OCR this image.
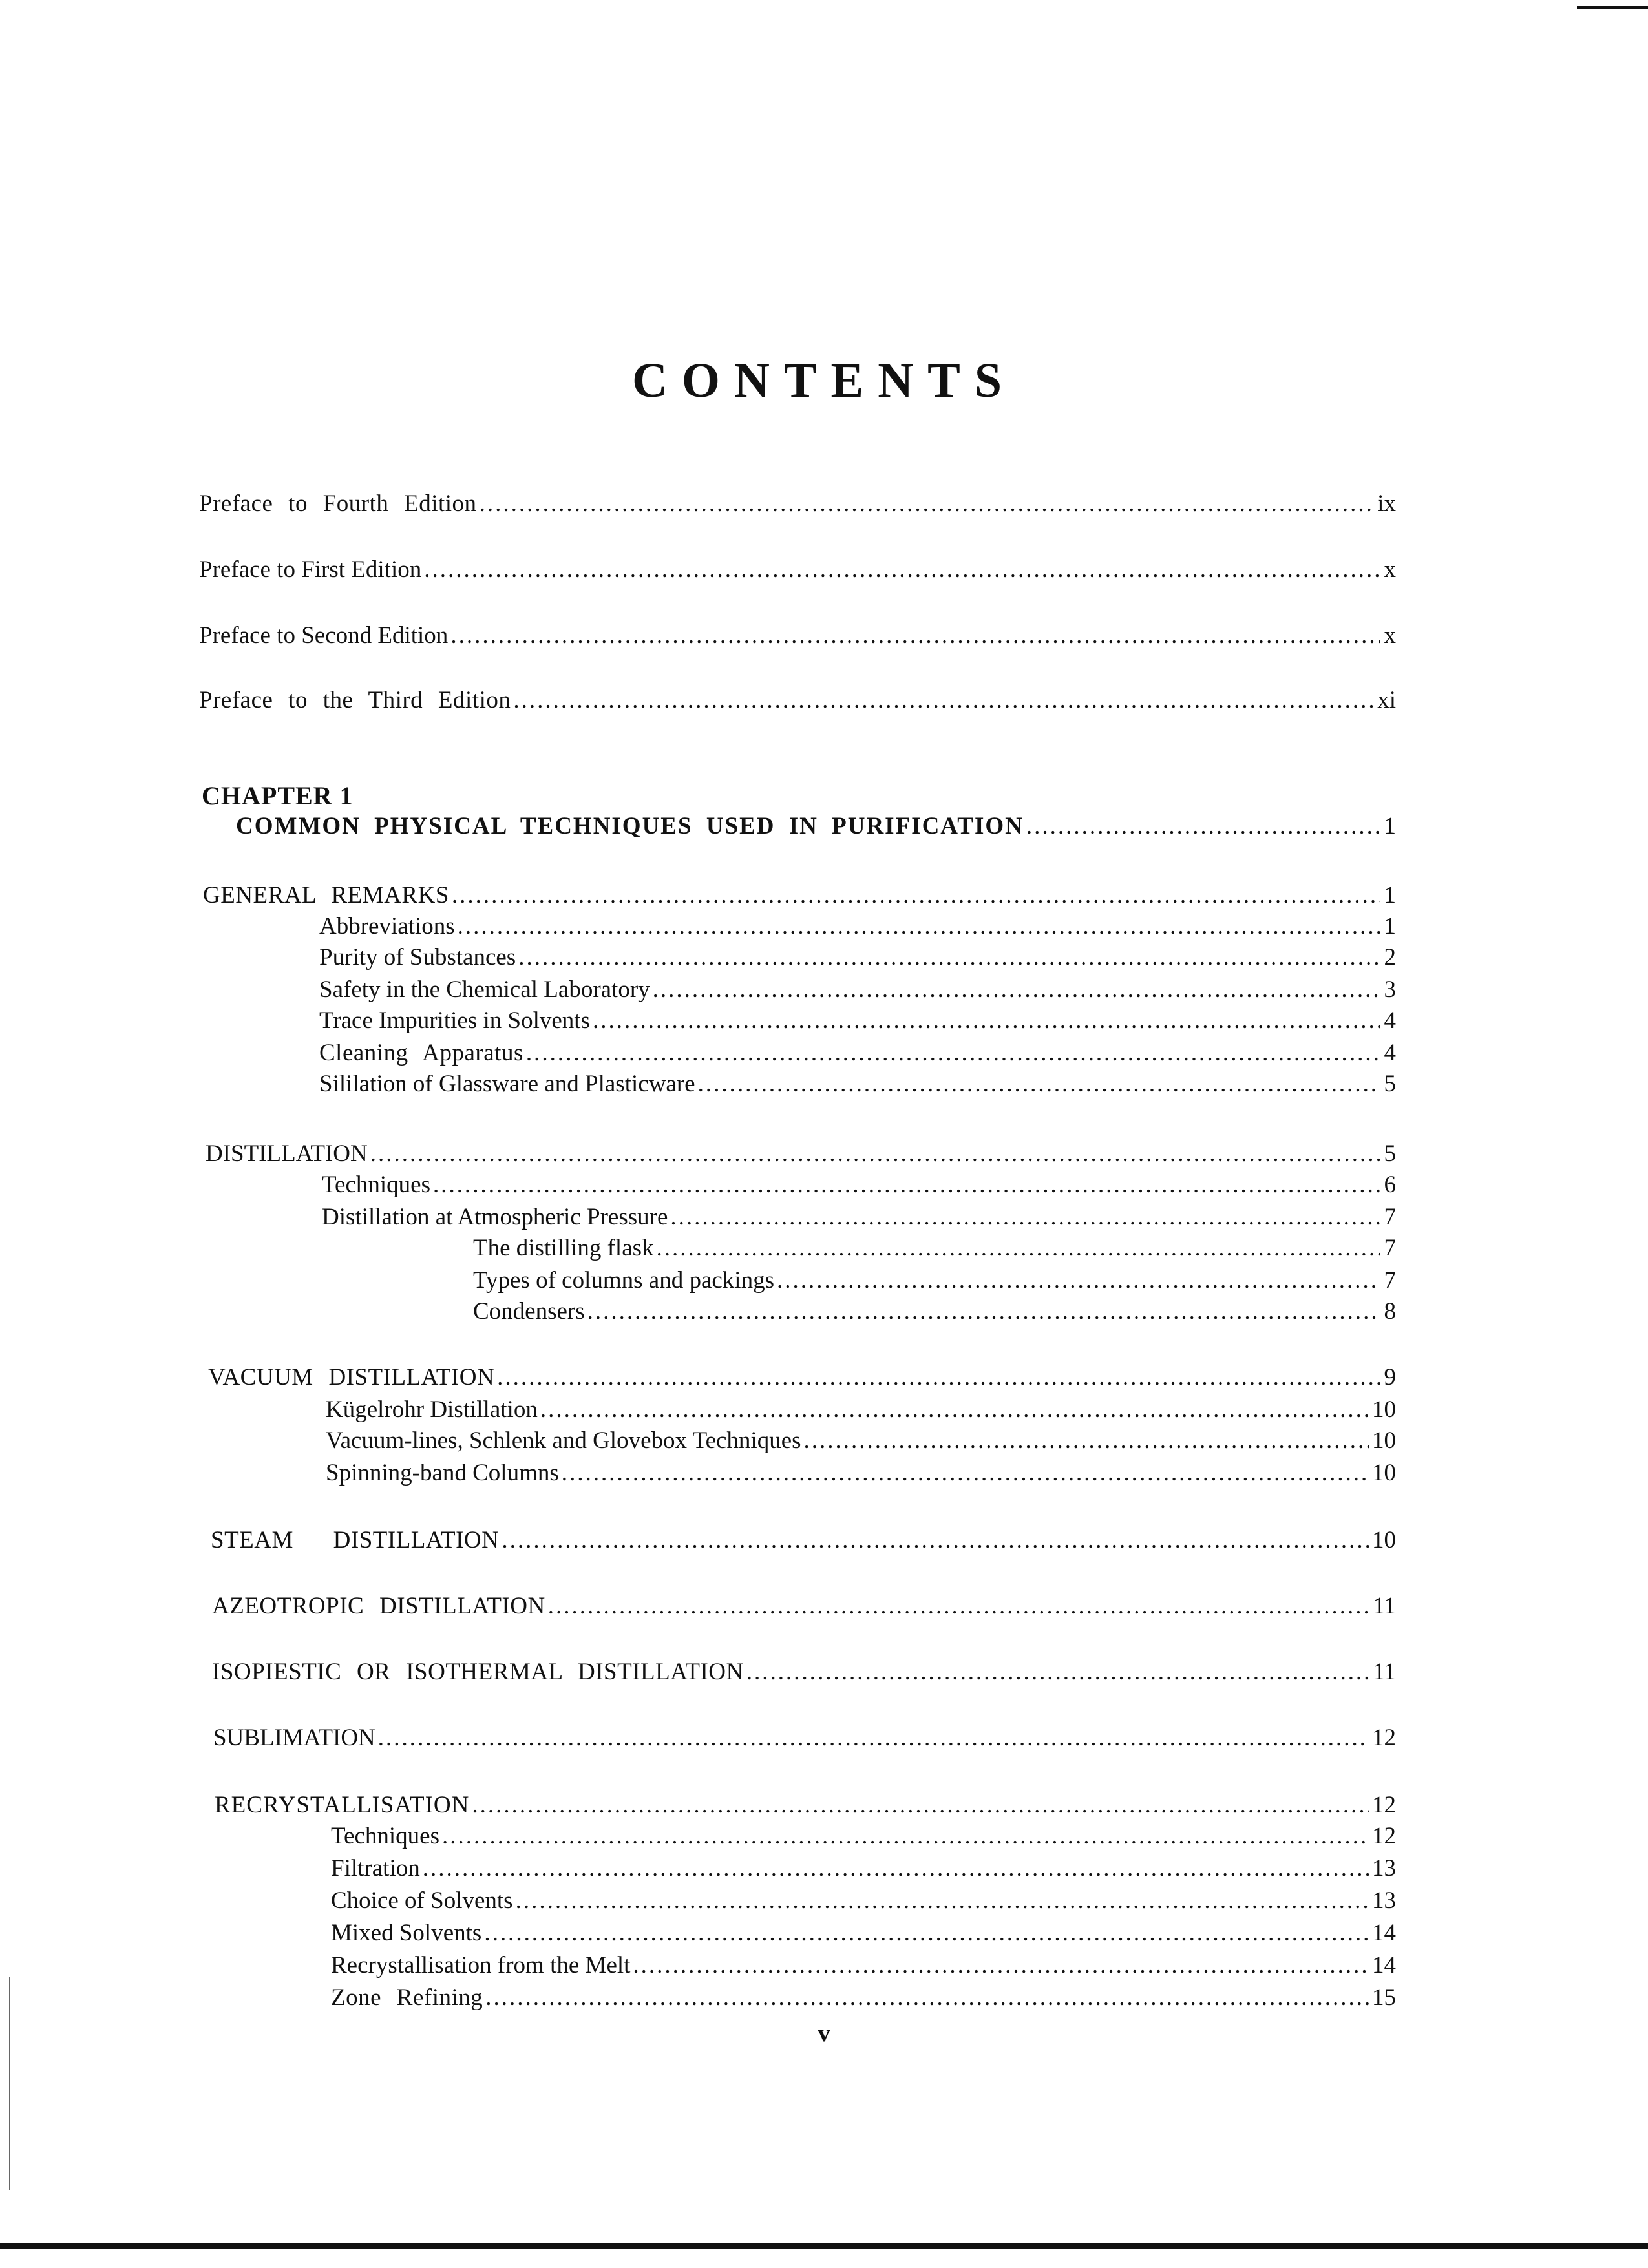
CONTENTS
Preface to Fourth Edition .....	ix
Preface to First Edition .....	x
Preface to Second Edition .....	x
Preface to the Third Edition .....	xi
CHAPTER 1
COMMON PHYSICAL TECHNIQUES USED IN PURIFICATION .....	1
GENERAL REMARKS .....	1
Abbreviations .....	1
Purity of Substances .....	2
Safety in the Chemical Laboratory .....	3
Trace Impurities in Solvents .....	4
Cleaning Apparatus .....	4
Sililation of Glassware and Plasticware .....	5
DISTILLATION .....	5
Techniques .....	6
Distillation at Atmospheric Pressure .....	7
The distilling flask .....	7
Types of columns and packings .....	7
Condensers .....	8
VACUUM DISTILLATION .....	9
Kügelrohr Distillation .....	10
Vacuum-lines, Schlenk and Glovebox Techniques .....	10
Spinning-band Columns .....	10
STEAM DISTILLATION .....	10
AZEOTROPIC DISTILLATION .....	11
ISOPIESTIC OR ISOTHERMAL DISTILLATION .....	11
SUBLIMATION .....	12
RECRYSTALLISATION .....	12
Techniques .....	12
Filtration .....	13
Choice of Solvents .....	13
Mixed Solvents .....	14
Recrystallisation from the Melt .....	14
Zone Refining .....	15
v
